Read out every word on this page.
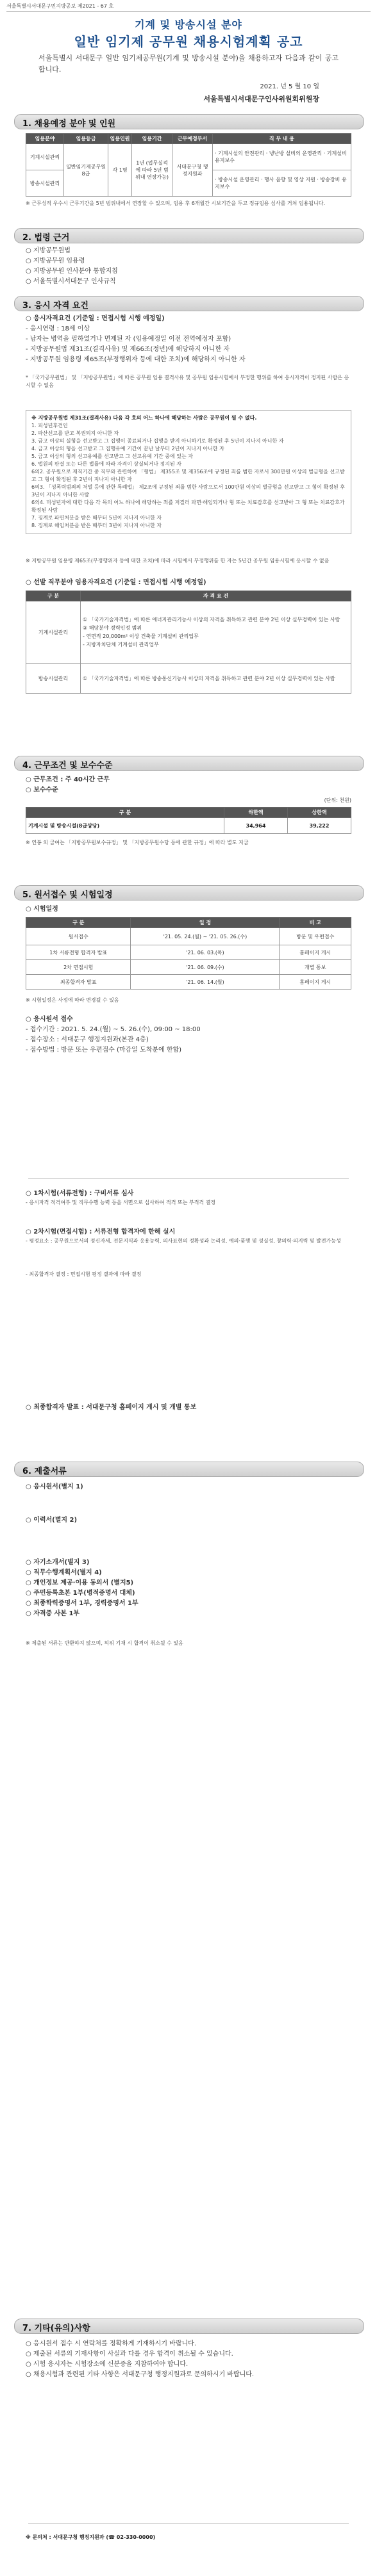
서울특별시서대문구민지방공보 제2021 - 67 호
기계 및 방송시설 분야
일반 임기제 공무원 채용시험계획 공고
서울특별시 서대문구 일반 임기제공무원(기계 및 방송시설 분야)을 채용하고자 다음과 같이 공고합니다.
2021. 년 5 월 10 일
서울특별시서대문구인사위원회위원장
1. 채용예정 분야 및 인원
임용분야	임용등급	임용인원	임용기간	근무예정부서	직 무 내 용
기계시설관리	일반임기제공무원 8급	각 1명	1년 (업무실적에 따라 5년 범위내 연장가능)	서대문구청 행정지원과	· 기계시설의 안전관리 · 냉난방 설비의 운영관리 · 기계설비 유지보수
방송시설관리					· 방송시설 운영관리 · 행사 음향 및 영상 지원 · 방송장비 유지보수
※ 근무성적 우수시 근무기간을 5년 범위내에서 연장할 수 있으며, 임용 후 6개월간 시보기간을 두고 정규임용 심사를 거쳐 임용됩니다.
2. 법령 근거
○ 지방공무원법
○ 지방공무원 임용령
○ 지방공무원 인사분야 통합지침
○ 서울특별시서대문구 인사규칙
3. 응시 자격 요건
○ 응시자격요건 (기준일 : 면접시험 시행 예정일)
- 응시연령 : 18세 이상
- 남자는 병역을 필하였거나 면제된 자 (임용예정일 이전 전역예정자 포함)
- 지방공무원법 제31조(결격사유) 및 제66조(정년)에 해당하지 아니한 자
- 지방공무원 임용령 제65조(부정행위자 등에 대한 조치)에 해당하지 아니한 자
* 「국가공무원법」 및 「지방공무원법」에 따른 공무원 임용 결격사유 및 공무원 임용시험에서 부정한 행위를 하여 응시자격이 정지된 사람은 응시할 수 없음
※ 지방공무원법 제31조(결격사유) 다음 각 호의 어느 하나에 해당하는 사람은 공무원이 될 수 없다.
1. 피성년후견인
2. 파산선고를 받고 복권되지 아니한 자
3. 금고 이상의 실형을 선고받고 그 집행이 종료되거나 집행을 받지 아니하기로 확정된 후 5년이 지나지 아니한 자
4. 금고 이상의 형을 선고받고 그 집행유예 기간이 끝난 날부터 2년이 지나지 아니한 자
5. 금고 이상의 형의 선고유예를 선고받고 그 선고유예 기간 중에 있는 자
6. 법원의 판결 또는 다른 법률에 따라 자격이 상실되거나 정지된 자
6의2. 공무원으로 재직기간 중 직무와 관련하여 「형법」 제355조 및 제356조에 규정된 죄를 범한 자로서 300만원 이상의 벌금형을 선고받고 그 형이 확정된 후 2년이 지나지 아니한 자
6의3. 「성폭력범죄의 처벌 등에 관한 특례법」 제2조에 규정된 죄를 범한 사람으로서 100만원 이상의 벌금형을 선고받고 그 형이 확정된 후 3년이 지나지 아니한 사람
6의4. 미성년자에 대한 다음 각 목의 어느 하나에 해당하는 죄를 저질러 파면·해임되거나 형 또는 치료감호를 선고받아 그 형 또는 치료감호가 확정된 사람
7. 징계로 파면처분을 받은 때부터 5년이 지나지 아니한 자
8. 징계로 해임처분을 받은 때부터 3년이 지나지 아니한 자
※ 지방공무원 임용령 제65조(부정행위자 등에 대한 조치)에 따라 시험에서 부정행위를 한 자는 5년간 공무원 임용시험에 응시할 수 없음
○ 선발 직무분야 임용자격요건 (기준일 : 면접시험 시행 예정일)
구 분	자 격 요 건
기계시설관리	① 「국가기술자격법」에 따른 에너지관리기능사 이상의 자격을 취득하고 관련 분야 2년 이상 실무경력이 있는 사람
② 해당분야 경력인정 범위
- 연면적 20,000m² 이상 건축물 기계설비 관리업무
- 지방자치단체 기계설비 관리업무
방송시설관리	① 「국가기술자격법」에 따른 방송통신기능사 이상의 자격을 취득하고 관련 분야 2년 이상 실무경력이 있는 사람
4. 근무조건 및 보수수준
○ 근무조건 : 주 40시간 근무
○ 보수수준
(단위: 천원)
구 분	하한액	상한액
기계시설 및 방송시설(8급상당)	34,964	39,222
※ 연봉 외 급여는 「지방공무원보수규정」 및 「지방공무원수당 등에 관한 규정」에 따라 별도 지급
5. 원서접수 및 시험일정
○ 시험일정
구 분	일 정	비 고
원서접수	'21. 05. 24.(월) ~ '21. 05. 26.(수)	방문 및 우편접수
1차 서류전형 합격자 발표	'21. 06. 03.(목)	홈페이지 게시
2차 면접시험	'21. 06. 09.(수)	개별 통보
최종합격자 발표	'21. 06. 14.(월)	홈페이지 게시
※ 시험일정은 사정에 따라 변경될 수 있음
○ 응시원서 접수
- 접수기간 : 2021. 5. 24.(월) ~ 5. 26.(수), 09:00 ~ 18:00
- 접수장소 : 서대문구 행정지원과(본관 4층)
- 접수방법 : 방문 또는 우편접수 (마감일 도착분에 한함)
○ 1차시험(서류전형) : 구비서류 심사
- 응시자격 적격여부 및 직무수행 능력 등을 서면으로 심사하여 적격 또는 부적격 결정
○ 2차시험(면접시험) : 서류전형 합격자에 한해 실시
- 평정요소 : 공무원으로서의 정신자세, 전문지식과 응용능력, 의사표현의 정확성과 논리성, 예의·품행 및 성실성, 창의력·의지력 및 발전가능성
- 최종합격자 결정 : 면접시험 평정 결과에 따라 결정
○ 최종합격자 발표 : 서대문구청 홈페이지 게시 및 개별 통보
6. 제출서류
○ 응시원서(별지 1)
○ 이력서(별지 2)
○ 자기소개서(별지 3)
○ 직무수행계획서(별지 4)
○ 개인정보 제공·이용 동의서 (별지5)
○ 주민등록초본 1부(병적증명서 대체)
○ 최종학력증명서 1부, 경력증명서 1부
○ 자격증 사본 1부
※ 제출된 서류는 반환하지 않으며, 허위 기재 시 합격이 취소될 수 있음
7. 기타(유의)사항
○ 응시원서 접수 시 연락처를 정확하게 기재하시기 바랍니다.
○ 제출된 서류의 기재사항이 사실과 다를 경우 합격이 취소될 수 있습니다.
○ 시험 응시자는 시험장소에 신분증을 지참하여야 합니다.
○ 채용시험과 관련된 기타 사항은 서대문구청 행정지원과로 문의하시기 바랍니다.
※ 문의처 : 서대문구청 행정지원과 (☎ 02-330-0000)
